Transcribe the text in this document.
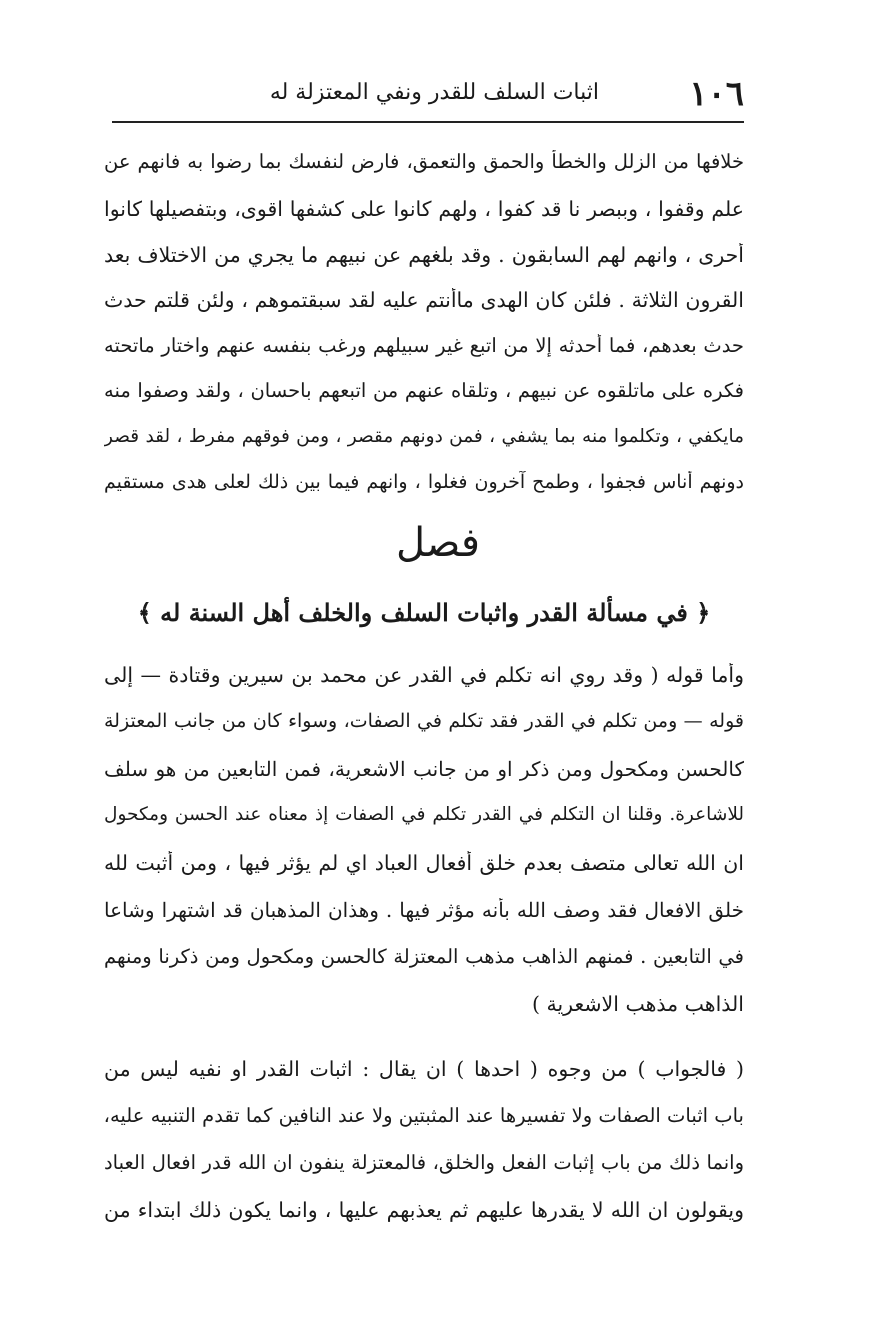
١٠٦
اثبات السلف للقدر ونفي المعتزلة له
خلافها من الزلل والخطأ والحمق والتعمق، فارض لنفسك بما رضوا به فانهم عن
علم وقفوا ، وببصر نا قد كفوا ، ولهم كانوا على كشفها اقوى، وبتفصيلها كانوا
أحرى ، وانهم لهم السابقون . وقد بلغهم عن نبيهم ما يجري من الاختلاف بعد
القرون الثلاثة . فلئن كان الهدى ماأنتم عليه لقد سبقتموهم ، ولئن قلتم حدث
حدث بعدهم، فما أحدثه إلا من اتبع غير سبيلهم ورغب بنفسه عنهم واختار ماتحته
فكره على ماتلقوه عن نبيهم ، وتلقاه عنهم من اتبعهم باحسان ، ولقد وصفوا منه
مايكفي ، وتكلموا منه بما يشفي ، فمن دونهم مقصر ، ومن فوقهم مفرط ، لقد قصر
دونهم أناس فجفوا ، وطمح آخرون فغلوا ، وانهم فيما بين ذلك لعلى هدى مستقيم
فصل
﴿ في مسألة القدر واثبات السلف والخلف أهل السنة له ﴾
وأما قوله ( وقد روي انه تكلم في القدر عن محمد بن سيرين وقتادة — إلى
قوله — ومن تكلم في القدر فقد تكلم في الصفات، وسواء كان من جانب المعتزلة
كالحسن ومكحول ومن ذكر او من جانب الاشعرية، فمن التابعين من هو سلف
للاشاعرة. وقلنا ان التكلم في القدر تكلم في الصفات إذ معناه عند الحسن ومكحول
ان الله تعالى متصف بعدم خلق أفعال العباد اي لم يؤثر فيها ، ومن أثبت لله
خلق الافعال فقد وصف الله بأنه مؤثر فيها . وهذان المذهبان قد اشتهرا وشاعا
في التابعين . فمنهم الذاهب مذهب المعتزلة كالحسن ومكحول ومن ذكرنا ومنهم
الذاهب مذهب الاشعرية )
( فالجواب ) من وجوه ( احدها ) ان يقال : اثبات القدر او نفيه ليس من
باب اثبات الصفات ولا تفسيرها عند المثبتين ولا عند النافين كما تقدم التنبيه عليه،
وانما ذلك من باب إثبات الفعل والخلق، فالمعتزلة ينفون ان الله قدر افعال العباد
ويقولون ان الله لا يقدرها عليهم ثم يعذبهم عليها ، وانما يكون ذلك ابتداء من
